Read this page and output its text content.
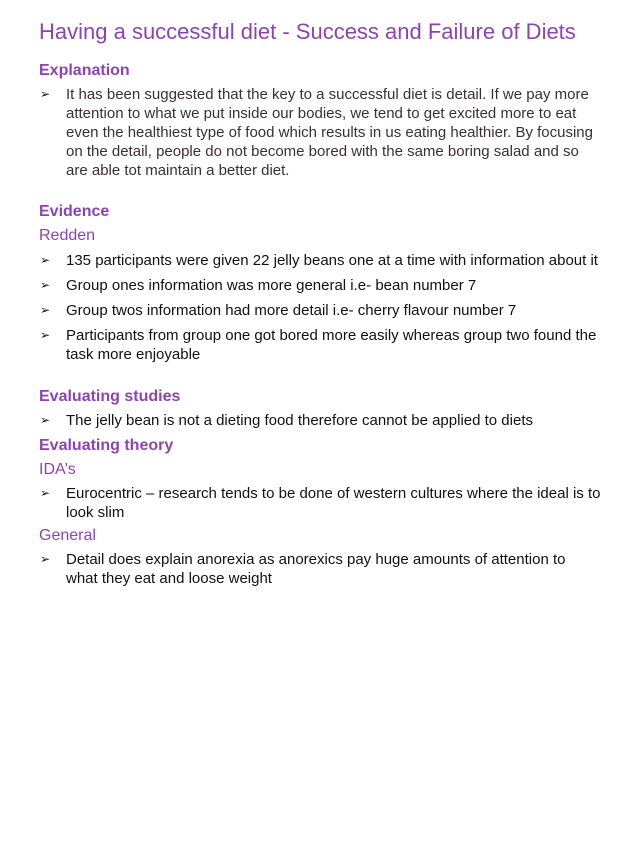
Having a successful diet - Success and Failure of Diets
Explanation
➢ It has been suggested that the key to a successful diet is detail. If we pay more attention to what we put inside our bodies, we tend to get excited more to eat even the healthiest type of food which results in us eating healthier. By focusing on the detail, people do not become bored with the same boring salad and so are able tot maintain a better diet.
Evidence
Redden
➢ 135 participants were given 22 jelly beans one at a time with information about it
➢ Group ones information was more general i.e- bean number 7
➢ Group twos information had more detail i.e- cherry flavour number 7
➢ Participants from group one got bored more easily whereas group two found the task more enjoyable
Evaluating studies
➢ The jelly bean is not a dieting food therefore cannot be applied to diets
Evaluating theory
IDA’s
➢ Eurocentric – research tends to be done of western cultures where the ideal is to look slim
General
➢ Detail does explain anorexia as anorexics pay huge amounts of attention to what they eat and loose weight
